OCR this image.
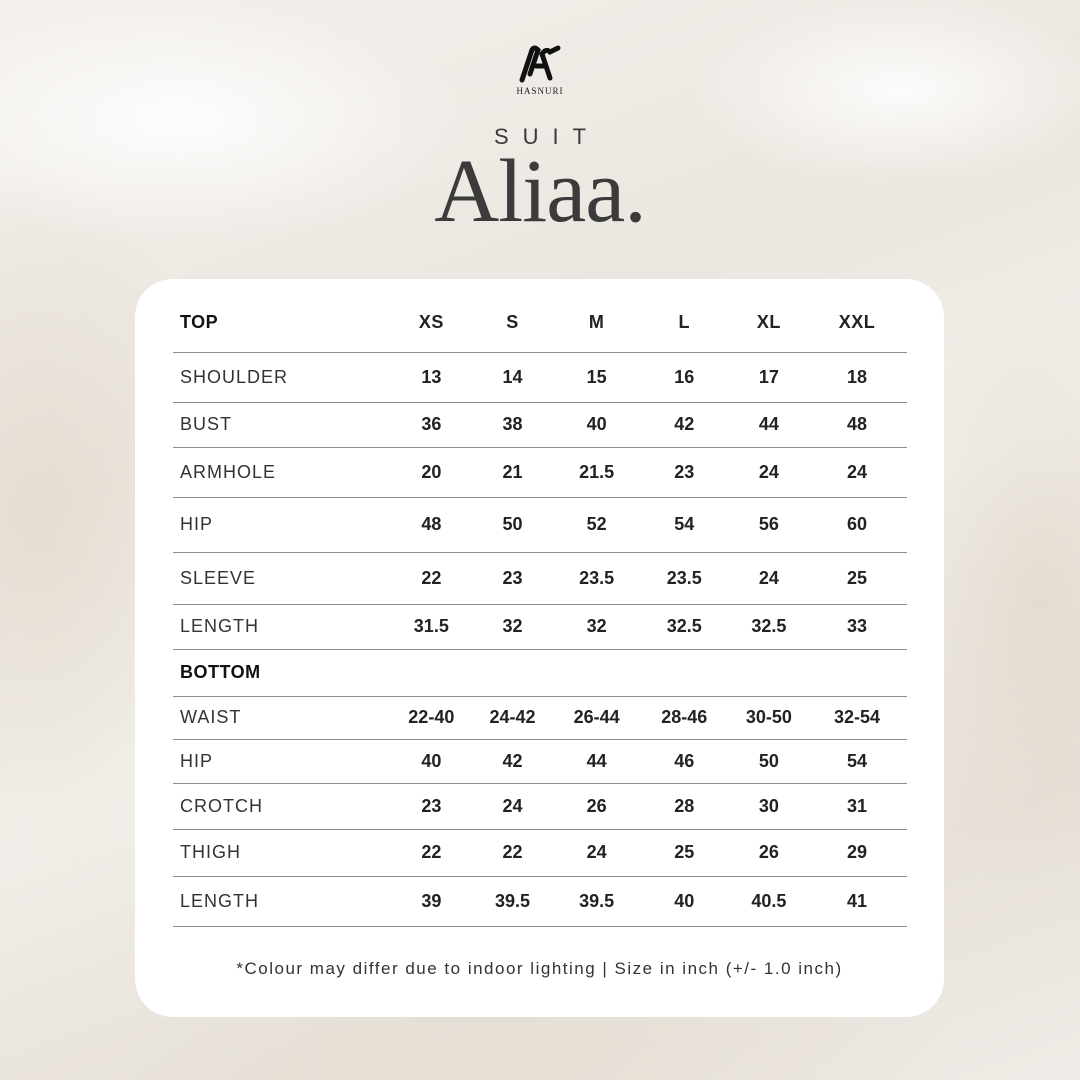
HASNURI
SUIT
Aliaa.
TOP	XS	S	M	L	XL	XXL
SHOULDER	13	14	15	16	17	18
BUST	36	38	40	42	44	48
ARMHOLE	20	21	21.5	23	24	24
HIP	48	50	52	54	56	60
SLEEVE	22	23	23.5	23.5	24	25
LENGTH	31.5	32	32	32.5	32.5	33
BOTTOM						
WAIST	22-40	24-42	26-44	28-46	30-50	32-54
HIP	40	42	44	46	50	54
CROTCH	23	24	26	28	30	31
THIGH	22	22	24	25	26	29
LENGTH	39	39.5	39.5	40	40.5	41
*Colour may differ due to indoor lighting | Size in inch (+/- 1.0 inch)
